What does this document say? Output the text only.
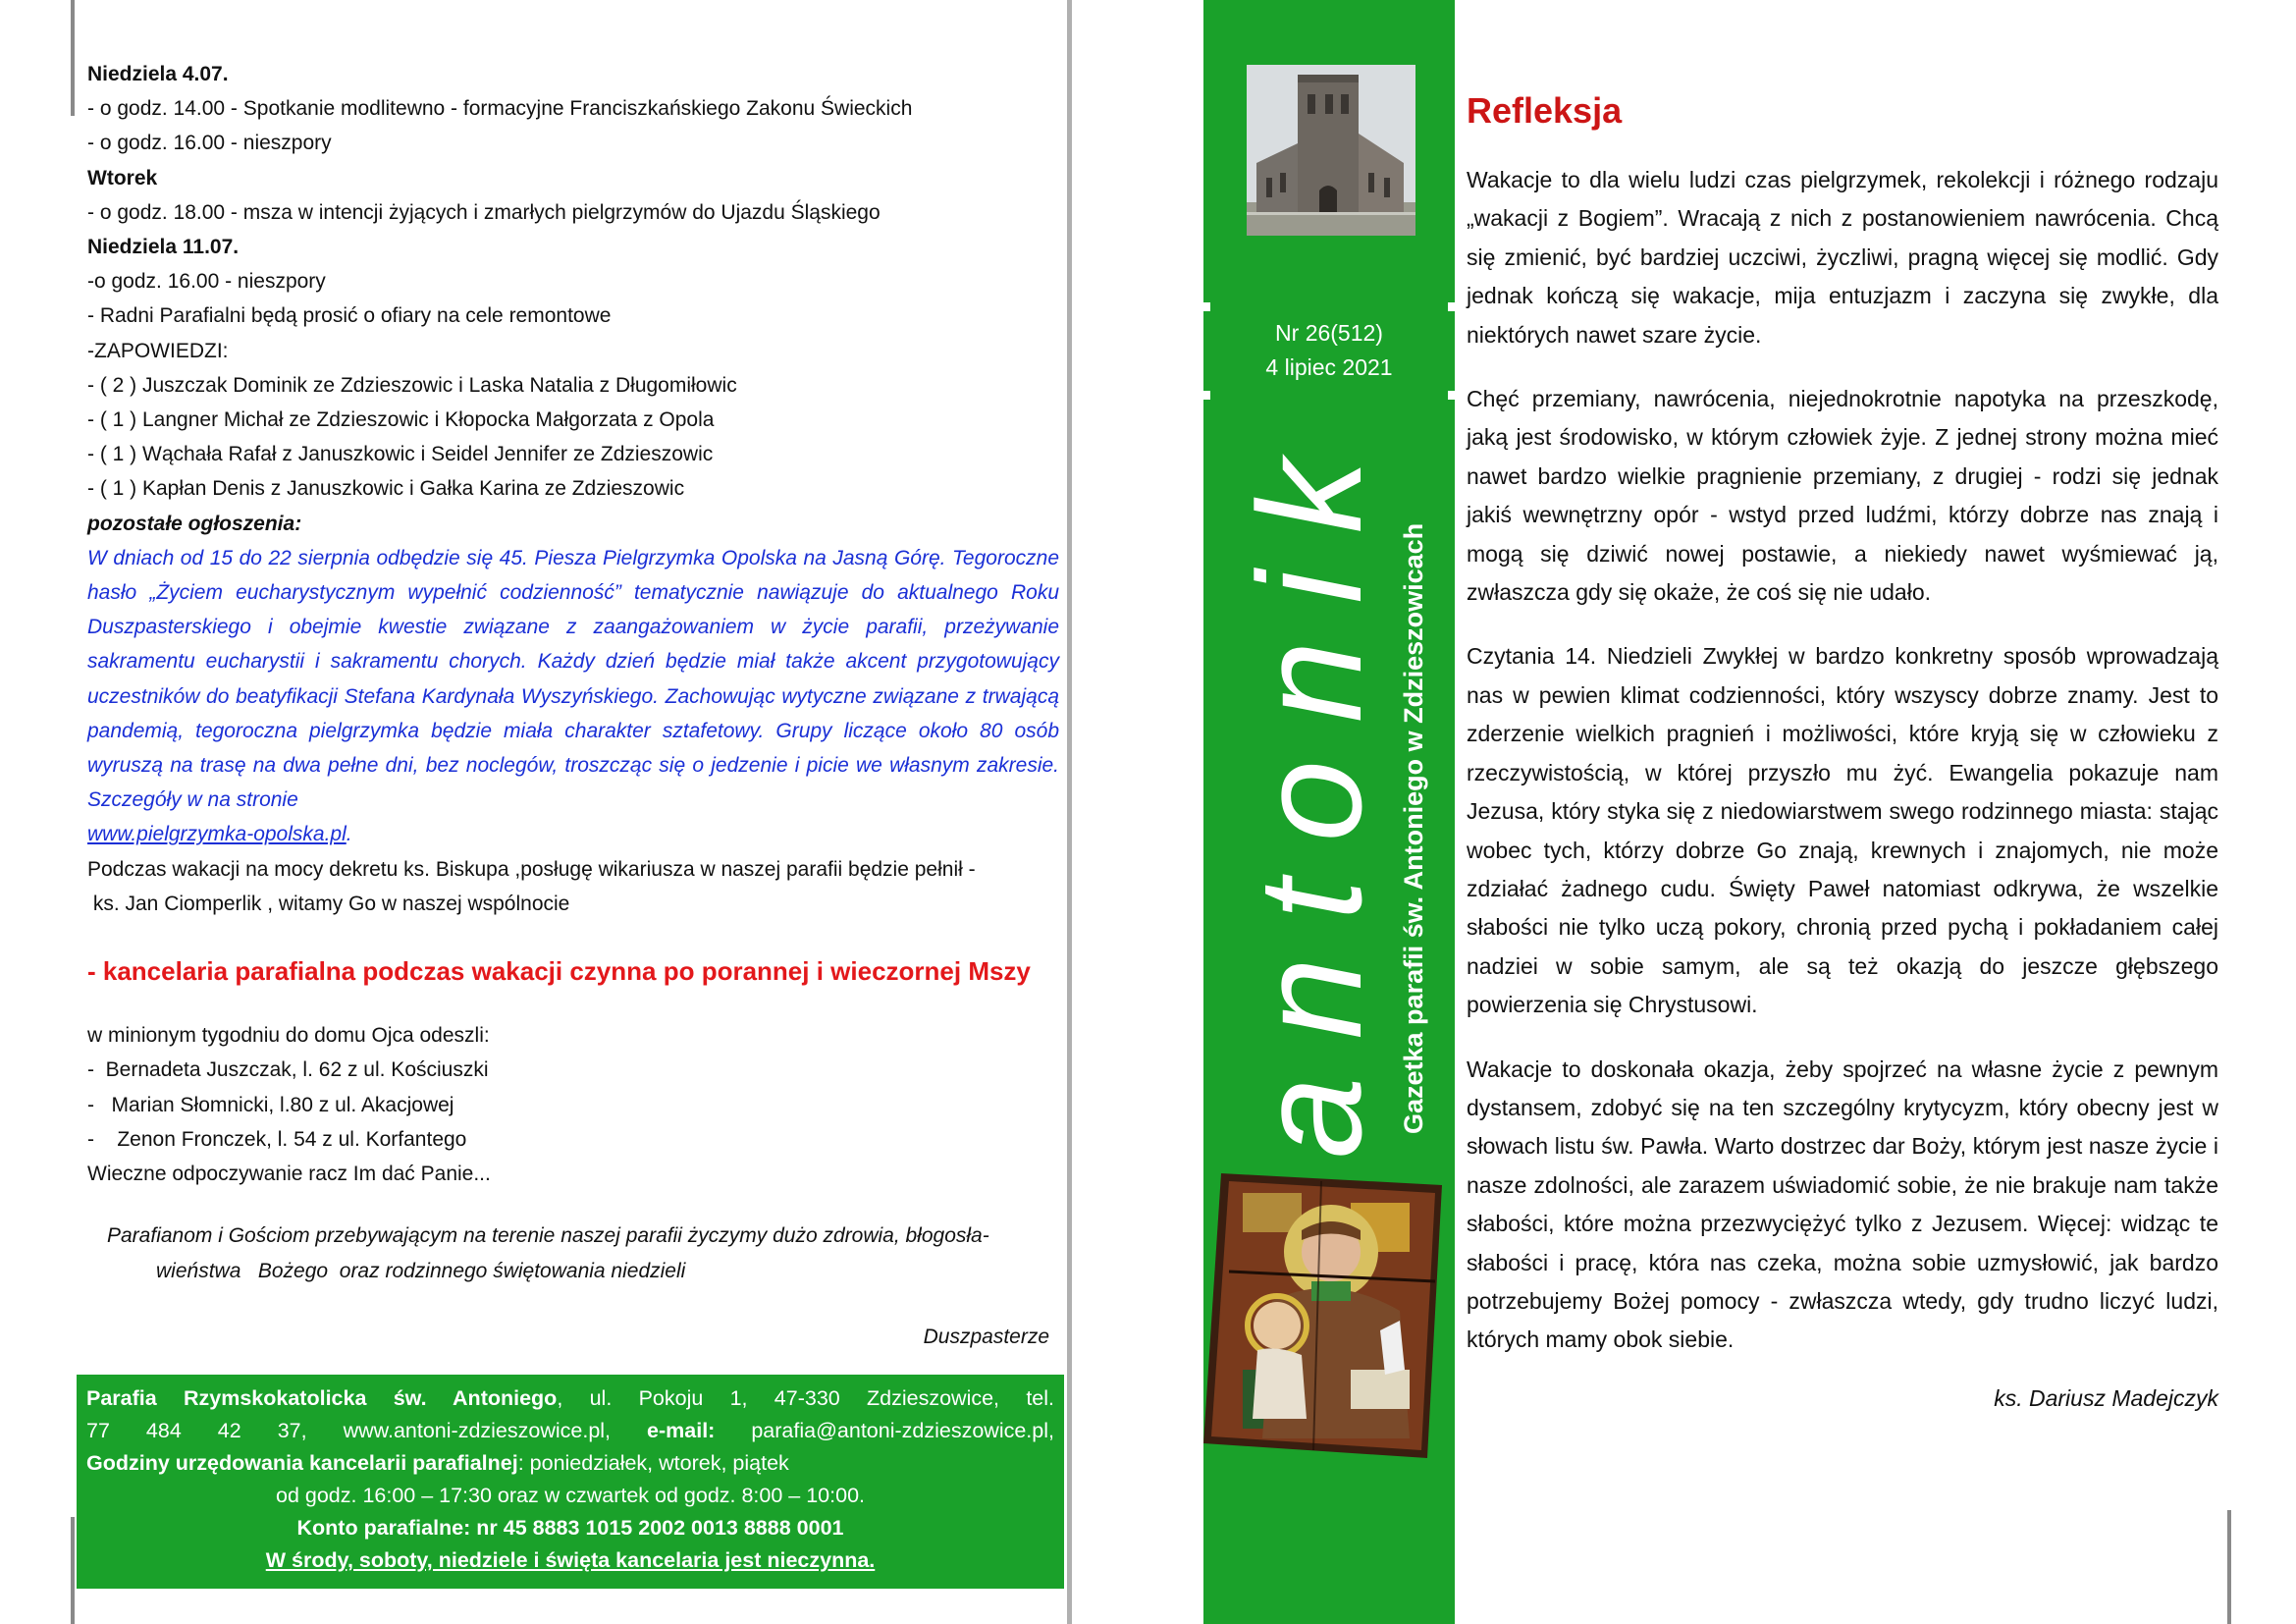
Niedziela 4.07.
- o godz. 14.00 - Spotkanie modlitewno - formacyjne Franciszkańskiego Zakonu Świeckich
- o godz. 16.00 - nieszpory
Wtorek
- o godz. 18.00 - msza w intencji żyjących i zmarłych pielgrzymów do Ujazdu Śląskiego
Niedziela 11.07.
-o godz. 16.00 - nieszpory
- Radni Parafialni będą prosić o ofiary na cele remontowe
-ZAPOWIEDZI:
- ( 2 ) Juszczak Dominik ze Zdzieszowic i Laska Natalia z Długomiłowic
- ( 1 ) Langner Michał ze Zdzieszowic i Kłopocka Małgorzata z Opola
- ( 1 ) Wąchała Rafał z Januszkowic i Seidel Jennifer ze Zdzieszowic
- ( 1 ) Kapłan Denis z Januszkowic i Gałka Karina ze Zdzieszowic
pozostałe ogłoszenia:
W dniach od 15 do 22 sierpnia odbędzie się 45. Piesza Pielgrzymka Opolska na Jasną Górę. Tegoroczne hasło „Życiem eucharystycznym wypełnić codzienność” tematycznie nawiązuje do aktualnego Roku Duszpasterskiego i obejmie kwestie związane z zaangażowaniem w życie parafii, przeżywanie sakramentu eucharystii i sakramentu chorych. Każdy dzień będzie miał także akcent przygotowujący uczestników do beatyfikacji Stefana Kardynała Wyszyńskiego. Zachowując wytyczne związane z trwającą pandemią, tegoroczna pielgrzymka będzie miała charakter sztafetowy. Grupy liczące około 80 osób wyruszą na trasę na dwa pełne dni, bez noclegów, troszcząc się o jedzenie i picie we własnym zakresie. Szczegóły w na stronie
www.pielgrzymka-opolska.pl.
Podczas wakacji na mocy dekretu ks. Biskupa ,posługę wikariusza w naszej parafii będzie pełnił -
ks. Jan Ciomperlik , witamy Go w naszej wspólnocie
- kancelaria parafialna podczas wakacji czynna po porannej i wieczornej Mszy
w minionym tygodniu do domu Ojca odeszli:
-  Bernadeta Juszczak, l. 62 z ul. Kościuszki
-   Marian Słomnicki, l.80 z ul. Akacjowej
-    Zenon Fronczek, l. 54 z ul. Korfantego
Wieczne odpoczywanie racz Im dać Panie...
Parafianom i Gościom przebywającym na terenie naszej parafii życzymy dużo zdrowia, błogosła-
wieństwa   Bożego  oraz rodzinnego świętowania niedzieli
Duszpasterze
Parafia Rzymskokatolicka św. Antoniego, ul. Pokoju 1, 47-330 Zdzieszowice, tel.
77 484 42 37, www.antoni-zdzieszowice.pl, e-mail: parafia@antoni-zdzieszowice.pl,
Godziny urzędowania kancelarii parafialnej: poniedziałek, wtorek, piątek
od godz. 16:00 – 17:30 oraz w czwartek od godz. 8:00 – 10:00.
Konto parafialne: nr 45 8883 1015 2002 0013 8888 0001
W środy, soboty, niedziele i święta kancelaria jest nieczynna.
Nr 26(512)
4 lipiec 2021
antonik Gazetka parafii św. Antoniego w Zdzieszowicach
Refleksja

Wakacje to dla wielu ludzi czas pielgrzymek, rekolekcji i różnego rodzaju „wakacji z Bogiem”. Wracają z nich z postanowieniem nawrócenia. Chcą się zmienić, być bardziej uczciwi, życzliwi, pragną więcej się modlić. Gdy jednak kończą się wakacje, mija entuzjazm i zaczyna się zwykłe, dla niektórych nawet szare życie.

Chęć przemiany, nawrócenia, niejednokrotnie napotyka na przeszkodę, jaką jest środowisko, w którym człowiek żyje. Z jednej strony można mieć nawet bardzo wielkie pragnienie przemiany, z drugiej - rodzi się jednak jakiś wewnętrzny opór - wstyd przed ludźmi, którzy dobrze nas znają i mogą się dziwić nowej postawie, a niekiedy nawet wyśmiewać ją, zwłaszcza gdy się okaże, że coś się nie udało.

Czytania 14. Niedzieli Zwykłej w bardzo konkretny sposób wprowadzają nas w pewien klimat codzienności, który wszyscy dobrze znamy. Jest to zderzenie wielkich pragnień i możliwości, które kryją się w człowieku z rzeczywistością, w której przyszło mu żyć. Ewangelia pokazuje nam Jezusa, który styka się z niedowiarstwem swego rodzinnego miasta: stając wobec tych, którzy dobrze Go znają, krewnych i znajomych, nie może zdziałać żadnego cudu. Święty Paweł natomiast odkrywa, że wszelkie słabości nie tylko uczą pokory, chronią przed pychą i pokładaniem całej nadziei w sobie samym, ale są też okazją do jeszcze głębszego powierzenia się Chrystusowi.

Wakacje to doskonała okazja, żeby spojrzeć na własne życie z pewnym dystansem, zdobyć się na ten szczególny krytycyzm, który obecny jest w słowach listu św. Pawła. Warto dostrzec dar Boży, którym jest nasze życie i nasze zdolności, ale zarazem uświadomić sobie, że nie brakuje nam także słabości, które można przezwyciężyć tylko z Jezusem. Więcej: widząc te słabości i pracę, która nas czeka, można sobie uzmysłowić, jak bardzo potrzebujemy Bożej pomocy - zwłaszcza wtedy, gdy trudno liczyć ludzi, których mamy obok siebie.

ks. Dariusz Madejczyk
